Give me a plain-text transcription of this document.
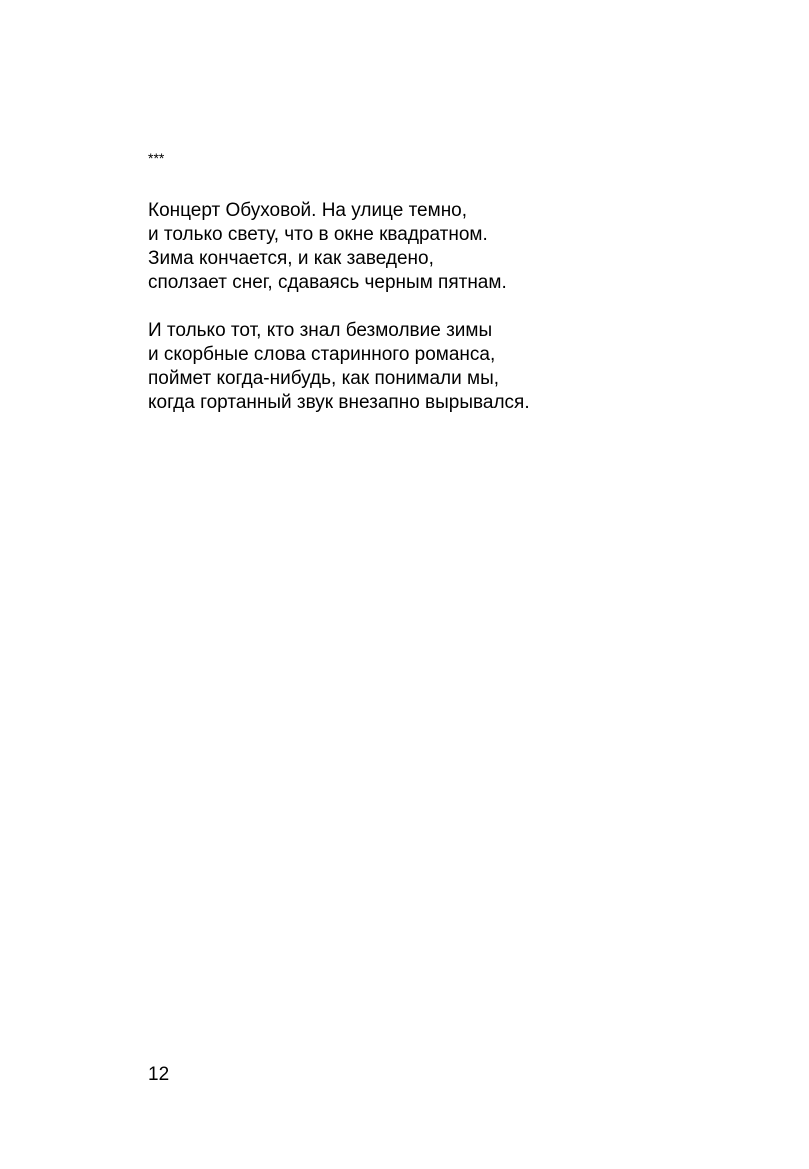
***
Концерт Обуховой. На улице темно,
и только свету, что в окне квадратном.
Зима кончается, и как заведено,
сползает снег, сдаваясь черным пятнам.
И только тот, кто знал безмолвие зимы
и скорбные слова старинного романса,
поймет когда-нибудь, как понимали мы,
когда гортанный звук внезапно вырывался.
12
